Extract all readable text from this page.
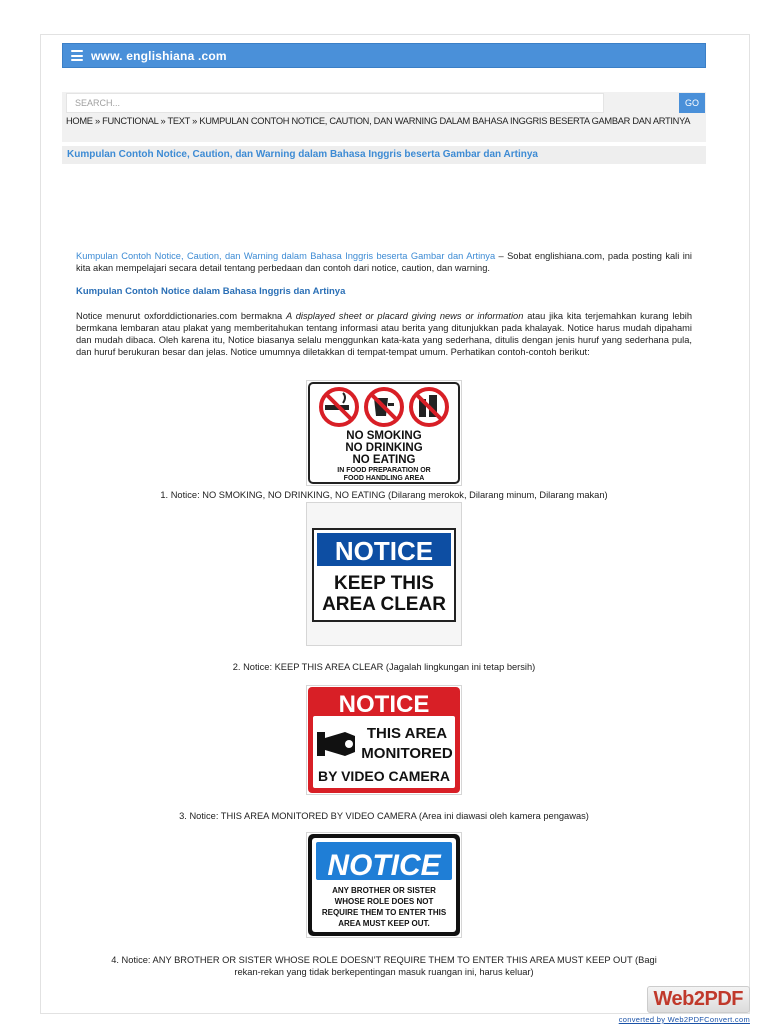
www. englishiana .com
SEARCH...
GO
HOME » FUNCTIONAL » TEXT » KUMPULAN CONTOH NOTICE, CAUTION, DAN WARNING DALAM BAHASA INGGRIS BESERTA GAMBAR DAN ARTINYA
Kumpulan Contoh Notice, Caution, dan Warning dalam Bahasa Inggris beserta Gambar dan Artinya

Kumpulan Contoh Notice, Caution, dan Warning dalam Bahasa Inggris beserta Gambar dan Artinya – Sobat englishiana.com, pada posting kali ini kita akan mempelajari secara detail tentang perbedaan dan contoh dari notice, caution, dan warning.

Kumpulan Contoh Notice dalam Bahasa Inggris dan Artinya

Notice menurut oxforddictionaries.com bermakna A displayed sheet or placard giving news or information atau jika kita terjemahkan kurang lebih bermkana lembaran atau plakat yang memberitahukan tentang informasi atau berita yang ditunjukkan pada khalayak. Notice harus mudah dipahami dan mudah dibaca. Oleh karena itu, Notice biasanya selalu menggunkan kata-kata yang sederhana, ditulis dengan jenis huruf yang sederhana pula, dan huruf berukuran besar dan jelas. Notice umumnya diletakkan di tempat-tempat umum. Perhatikan contoh-contoh berikut:

NO SMOKING
NO DRINKING
NO EATING
IN FOOD PREPARATION OR
FOOD HANDLING AREA
1. Notice: NO SMOKING, NO DRINKING, NO EATING (Dilarang merokok, Dilarang minum, Dilarang makan)
NOTICE
KEEP THIS
AREA CLEAR
2. Notice: KEEP THIS AREA CLEAR (Jagalah lingkungan ini tetap bersih)
NOTICE
THIS AREA
MONITORED
BY VIDEO CAMERA
3. Notice: THIS AREA MONITORED BY VIDEO CAMERA (Area ini diawasi oleh kamera pengawas)
NOTICE
ANY BROTHER OR SISTER
WHOSE ROLE DOES NOT
REQUIRE THEM TO ENTER THIS
AREA MUST KEEP OUT.
4. Notice: ANY BROTHER OR SISTER WHOSE ROLE DOESN’T REQUIRE THEM TO ENTER THIS AREA MUST KEEP OUT (Bagi
rekan-rekan yang tidak berkepentingan masuk ruangan ini, harus keluar)
Web2PDF
converted by Web2PDFConvert.com
